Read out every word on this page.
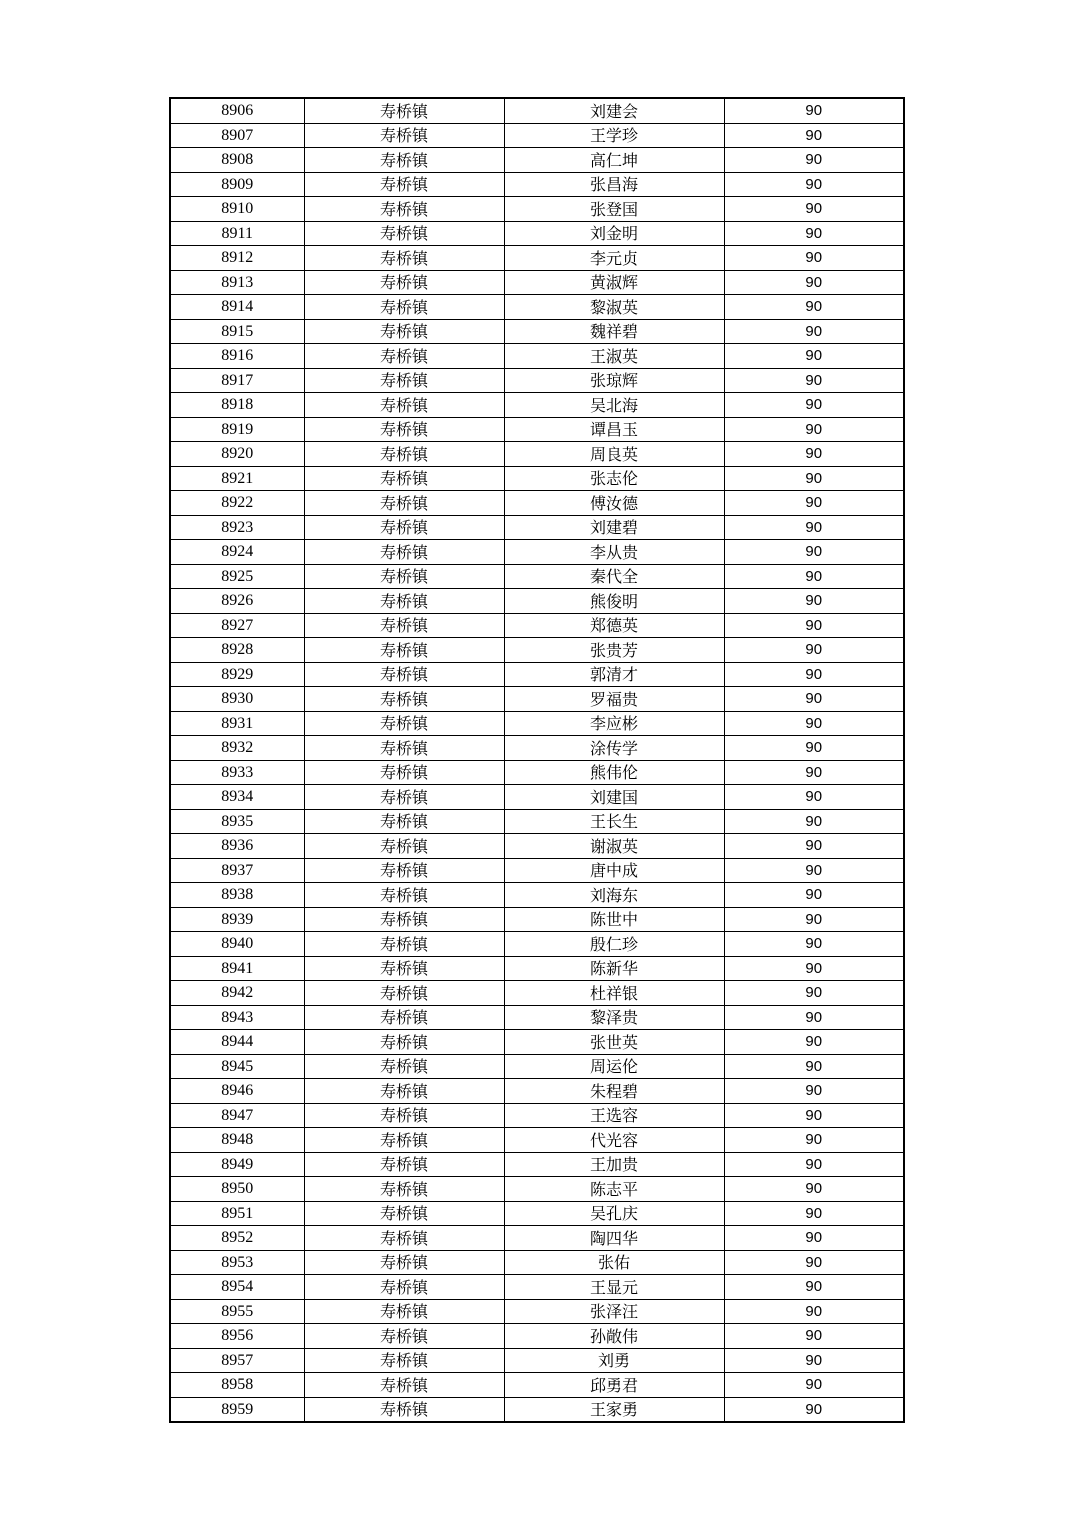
8906	寿桥镇	刘建会	90
8907	寿桥镇	王学珍	90
8908	寿桥镇	高仁坤	90
8909	寿桥镇	张昌海	90
8910	寿桥镇	张登国	90
8911	寿桥镇	刘金明	90
8912	寿桥镇	李元贞	90
8913	寿桥镇	黄淑辉	90
8914	寿桥镇	黎淑英	90
8915	寿桥镇	魏祥碧	90
8916	寿桥镇	王淑英	90
8917	寿桥镇	张琼辉	90
8918	寿桥镇	吴北海	90
8919	寿桥镇	谭昌玉	90
8920	寿桥镇	周良英	90
8921	寿桥镇	张志伦	90
8922	寿桥镇	傅汝德	90
8923	寿桥镇	刘建碧	90
8924	寿桥镇	李从贵	90
8925	寿桥镇	秦代全	90
8926	寿桥镇	熊俊明	90
8927	寿桥镇	郑德英	90
8928	寿桥镇	张贵芳	90
8929	寿桥镇	郭清才	90
8930	寿桥镇	罗福贵	90
8931	寿桥镇	李应彬	90
8932	寿桥镇	涂传学	90
8933	寿桥镇	熊伟伦	90
8934	寿桥镇	刘建国	90
8935	寿桥镇	王长生	90
8936	寿桥镇	谢淑英	90
8937	寿桥镇	唐中成	90
8938	寿桥镇	刘海东	90
8939	寿桥镇	陈世中	90
8940	寿桥镇	殷仁珍	90
8941	寿桥镇	陈新华	90
8942	寿桥镇	杜祥银	90
8943	寿桥镇	黎泽贵	90
8944	寿桥镇	张世英	90
8945	寿桥镇	周运伦	90
8946	寿桥镇	朱程碧	90
8947	寿桥镇	王选容	90
8948	寿桥镇	代光容	90
8949	寿桥镇	王加贵	90
8950	寿桥镇	陈志平	90
8951	寿桥镇	吴孔庆	90
8952	寿桥镇	陶四华	90
8953	寿桥镇	张佑	90
8954	寿桥镇	王显元	90
8955	寿桥镇	张泽汪	90
8956	寿桥镇	孙敞伟	90
8957	寿桥镇	刘勇	90
8958	寿桥镇	邱勇君	90
8959	寿桥镇	王家勇	90
